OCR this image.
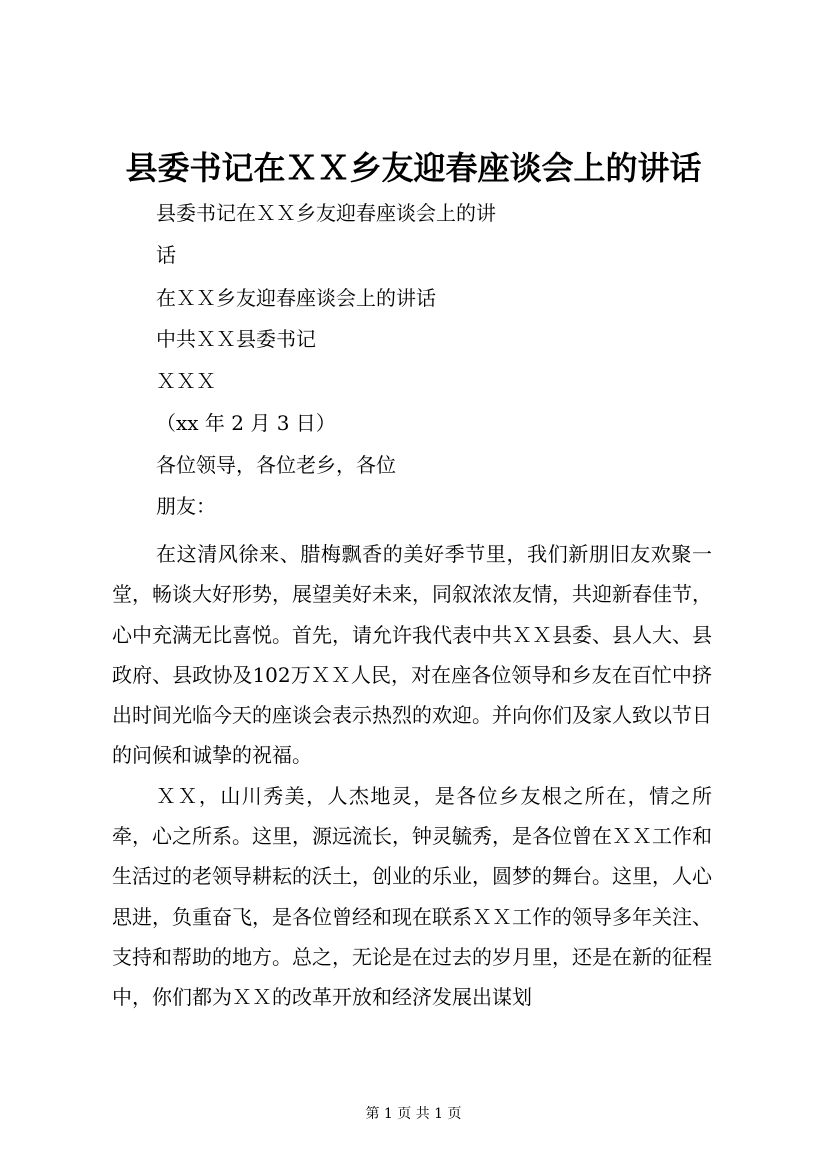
县委书记在ＸＸ乡友迎春座谈会上的讲话
县委书记在ＸＸ乡友迎春座谈会上的讲
话
在ＸＸ乡友迎春座谈会上的讲话
中共ＸＸ县委书记
ＸＸＸ
（xx 年 2 月 3 日）
各位领导，各位老乡，各位
朋友：

在这清风徐来、腊梅飘香的美好季节里，我们新朋旧友欢聚一堂，畅谈大好形势，展望美好未来，同叙浓浓友情，共迎新春佳节，心中充满无比喜悦。首先，请允许我代表中共ＸＸ县委、县人大、县政府、县政协及102万ＸＸ人民，对在座各位领导和乡友在百忙中挤出时间光临今天的座谈会表示热烈的欢迎。并向你们及家人致以节日的问候和诚挚的祝福。

ＸＸ，山川秀美，人杰地灵，是各位乡友根之所在，情之所牵，心之所系。这里，源远流长，钟灵毓秀，是各位曾在ＸＸ工作和生活过的老领导耕耘的沃土，创业的乐业，圆梦的舞台。这里，人心思进，负重奋飞，是各位曾经和现在联系ＸＸ工作的领导多年关注、支持和帮助的地方。总之，无论是在过去的岁月里，还是在新的征程中，你们都为ＸＸ的改革开放和经济发展出谋划

第 1 页 共 1 页
